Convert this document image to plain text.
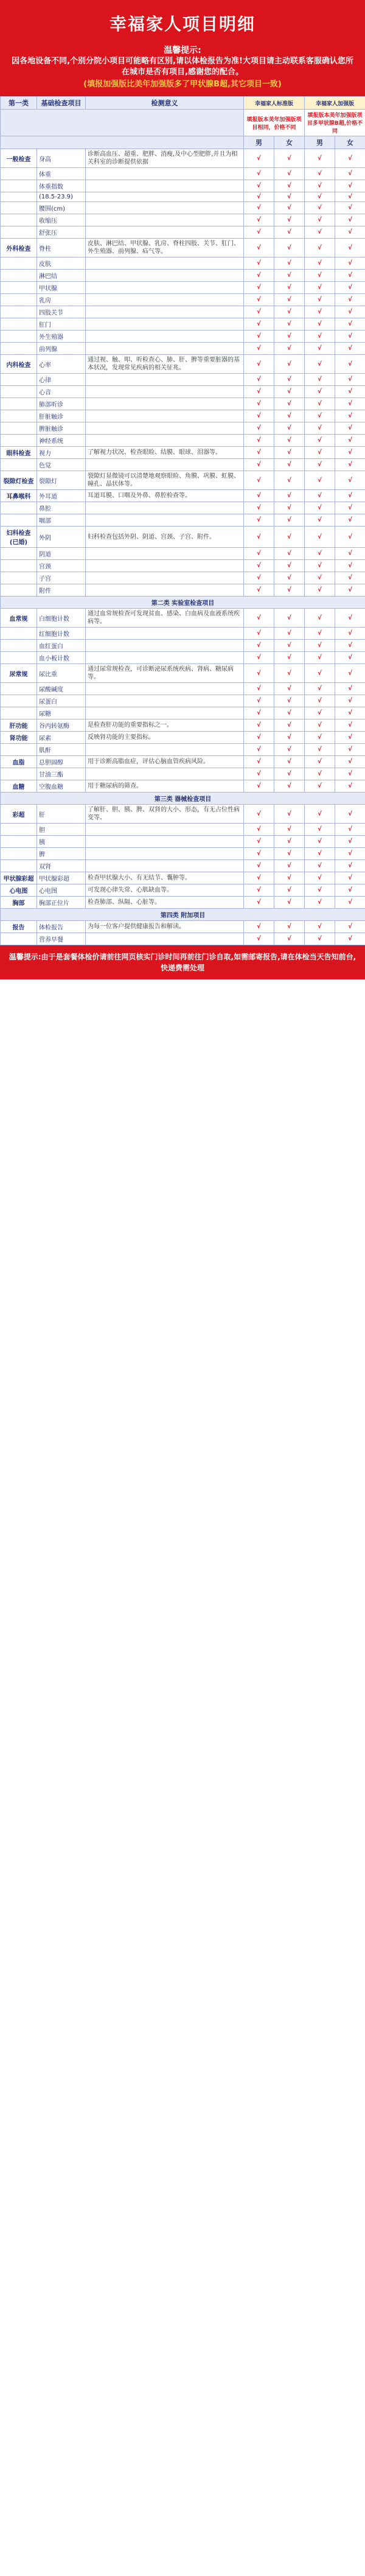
幸福家人项目明细
温馨提示:
因各地设备不同,个别分院小项目可能略有区别,请以体检报告为准!大项目请主动联系客服确认您所在城市是否有项目,感谢您的配合。
(填报加强版比美年加强版多了甲状腺B超,其它项目一致)
第一类	基础检查项目	检测意义	幸福家人标准版		幸福家人加强版	
			填报版本美年加强版项目相同，价格不同		填报版本美年加强版项目多甲状腺B超,价格不同	
			男	女	男	女
一般检查	身高	诊断高血压、超重、肥胖、消瘦,及中心型肥胖,并且为相关科室的诊断提供依据	√	√	√	√
	体重		√	√	√	√
	体重指数		√	√	√	√
	(18.5-23.9)		√	√	√	√
	腰围(cm)		√	√	√	√
	收缩压		√	√	√	√
	舒张压		√	√	√	√
外科检查	脊柱	皮肤、淋巴结、甲状腺、乳房、脊柱四肢、关节、肛门、外生殖器、前列腺、疝气等。	√	√	√	√
	皮肤		√	√	√	√
	淋巴结		√	√	√	√
	甲状腺		√	√	√	√
	乳房		√	√	√	√
	四肢关节		√	√	√	√
	肛门		√	√	√	√
	外生殖器		√	√	√	√
	前列腺		√	√	√	√
内科检查	心率	通过视、触、叩、听检查心、肺、肝、脾等重要脏器的基本状况，发现常见疾病的相关征兆。	√	√	√	√
	心律		√	√	√	√
	心音		√	√	√	√
	肺部听诊		√	√	√	√
	肝脏触诊		√	√	√	√
	脾脏触诊		√	√	√	√
	神经系统		√	√	√	√
眼科检查	视力	了解视力状况、检查眼睑、结膜、眼球、泪器等。	√	√	√	√
	色觉		√	√	√	√
裂隙灯检查	裂隙灯	裂隙灯显微镜可以清楚地观察眼睑、角膜、巩膜、虹膜、瞳孔、晶状体等。	√	√	√	√
耳鼻喉科	外耳道	耳道耳膜、口咽及外鼻、鼻腔检查等。	√	√	√	√
	鼻腔		√	√	√	√
	咽部		√	√	√	√
妇科检查(已婚)	外阴	妇科检查包括外阴、阴道、宫颈、子宫、附件。	√	√	√	√
	阴道		√	√	√	√
	宫颈		√	√	√	√
	子宫		√	√	√	√
	附件		√	√	√	√
第二类 实验室检查项目						
血常规	白细胞计数	通过血常规检查可发现贫血、感染、白血病及血液系统疾病等。	√	√	√	√
	红细胞计数		√	√	√	√
	血红蛋白		√	√	√	√
	血小板计数		√	√	√	√
尿常规	尿比重	通过尿常规检查，可诊断泌尿系统疾病、肾病、糖尿病等。	√	√	√	√
	尿酸碱度		√	√	√	√
	尿蛋白		√	√	√	√
	尿糖		√	√	√	√
肝功能	谷丙转氨酶	是检查肝功能的重要指标之一。	√	√	√	√
肾功能	尿素	反映肾功能的主要指标。	√	√	√	√
	肌酐		√	√	√	√
血脂	总胆固醇	用于诊断高脂血症，评估心脑血管疾病风险。	√	√	√	√
	甘油三酯		√	√	√	√
血糖	空腹血糖	用于糖尿病的筛查。	√	√	√	√
第三类 器械检查项目						
彩超	肝	了解肝、胆、胰、脾、双肾的大小、形态，有无占位性病变等。	√	√	√	√
	胆		√	√	√	√
	胰		√	√	√	√
	脾		√	√	√	√
	双肾		√	√	√	√
甲状腺彩超	甲状腺彩超	检查甲状腺大小、有无结节、囊肿等。	√	√	√	√
心电图	心电图	可发现心律失常、心肌缺血等。	√	√	√	√
胸部	胸部正位片	检查肺部、纵隔、心脏等。	√	√	√	√
第四类 附加项目						
报告	体检报告	为每一位客户提供健康报告和解读。	√	√	√	√
	营养早餐		√	√	√	√
温馨提示:由于是套餐体检价请前往网页核实门诊时间再前往门诊自取,如需邮寄报告,请在体检当天告知前台,快递费需处理
